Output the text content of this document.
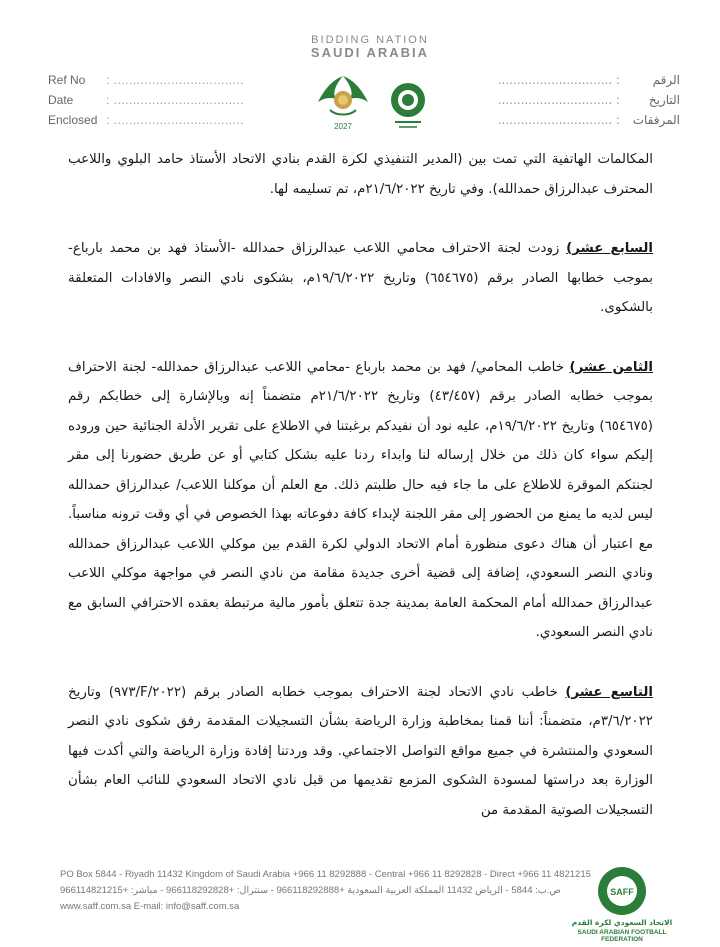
Ref No	: ..................................
Date	: ..................................
Enclosed : ..................................
BIDDING NATION
SAUDI ARABIA
2027
الرقم
: ..............................
التاريخ
: ..............................
المرفقات
: ..............................

المكالمات الهاتفية التي تمت بين (المدير التنفيذي لكرة القدم بنادي الاتحاد الأستاذ حامد البلوي واللاعب المحترف عبدالرزاق حمدالله). وفي تاريخ ٢١/٦/٢٠٢٢م، تم تسليمه لها.

السابع عشر) زودت لجنة الاحتراف محامي اللاعب عبدالرزاق حمدالله -الأستاذ فهد بن محمد بارباع- بموجب خطابها الصادر برقم (٦٥٤٦٧٥) وتاريخ ١٩/٦/٢٠٢٢م، بشكوى نادي النصر والافادات المتعلقة بالشكوى.

الثامن عشر) خاطب المحامي/ فهد بن محمد بارباع -محامي اللاعب عبدالرزاق حمدالله- لجنة الاحتراف بموجب خطابه الصادر برقم (٤٣/٤٥٧) وتاريخ ٢١/٦/٢٠٢٢م متضمناً إنه وبالإشارة إلى خطابكم رقم (٦٥٤٦٧٥) وتاريخ ١٩/٦/٢٠٢٢م، عليه نود أن نفيدكم برغبتنا في الاطلاع على تقرير الأدلة الجنائية حين وروده إليكم سواء كان ذلك من خلال إرساله لنا وابداء ردنا عليه بشكل كتابي أو عن طريق حضورنا إلى مقر لجنتكم الموقرة للاطلاع على ما جاء فيه حال طلبتم ذلك. مع العلم أن موكلنا اللاعب/ عبدالرزاق حمدالله ليس لديه ما يمنع من الحضور إلى مقر اللجنة لإبداء كافة دفوعاته بهذا الخصوص في أي وقت ترونه مناسباً. مع اعتبار أن هناك دعوى منظورة أمام الاتحاد الدولي لكرة القدم بين موكلي اللاعب عبدالرزاق حمدالله ونادي النصر السعودي، إضافة إلى قضية أخرى جديدة مقامة من نادي النصر في مواجهة موكلي اللاعب عبدالرزاق حمدالله أمام المحكمة العامة بمدينة جدة تتعلق بأمور مالية مرتبطة بعقده الاحترافي السابق مع نادي النصر السعودي.

التاسع عشر) خاطب نادي الاتحاد لجنة الاحتراف بموجب خطابه الصادر برقم (٢٠٢٢/F/٩٧٣) وتاريخ ٣/٦/٢٠٢٢م، متضمناً: أننا قمنا بمخاطبة وزارة الرياضة بشأن التسجيلات المقدمة رفق شكوى نادي النصر السعودي والمنتشرة في جميع مواقع التواصل الاجتماعي. وقد وردتنا إفادة وزارة الرياضة والتي أكدت فيها الوزارة بعد دراستها لمسودة الشكوى المزمع تقديمها من قبل نادي الاتحاد السعودي للنائب العام بشأن التسجيلات الصوتية المقدمة من

PO Box 5844 - Riyadh 11432 Kingdom of Saudi Arabia +966 11 8292888 - Central +966 11 8292828 - Direct +966 11 4821215
ص.ب: 5844 - الرياض 11432 المملكة العربية السعودية +966118292888 - سنترال: +966118292828 - مباشر: +966114821215
www.saff.com.sa E-mail: info@saff.com.sa
SAFF
الاتحاد السعودي لكرة القدم
SAUDI ARABIAN FOOTBALL FEDERATION
